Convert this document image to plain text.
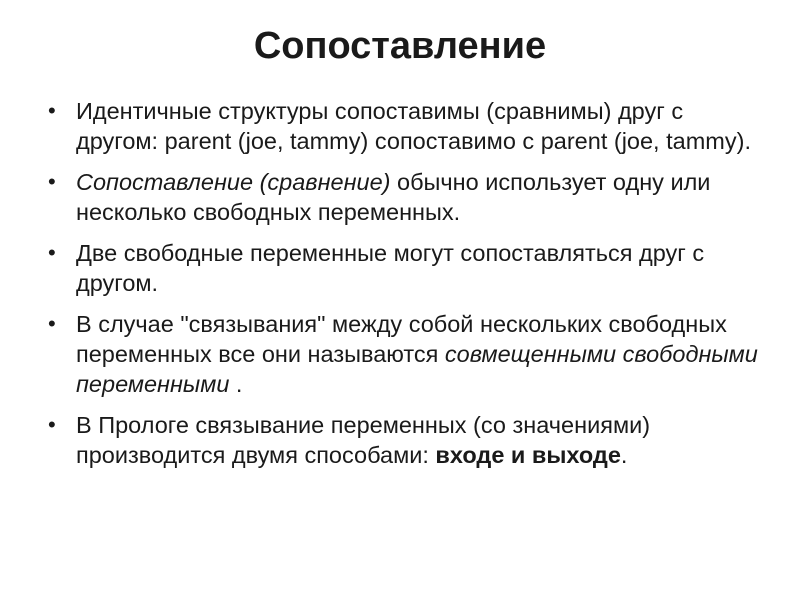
Сопоставление
• Идентичные структуры сопоставимы (сравнимы) друг с другом: parent (joe, tammy) сопоставимо с parent (joe, tammy).
• Сопоставление (сравнение) обычно использует одну или несколько свободных переменных.
• Две свободные переменные могут сопоставляться друг с другом.
• В случае "связывания" между собой нескольких свободных переменных все они называются совмещенными свободными переменными .
• В Прологе связывание переменных (со значениями) производится двумя способами: входе и выходе.
